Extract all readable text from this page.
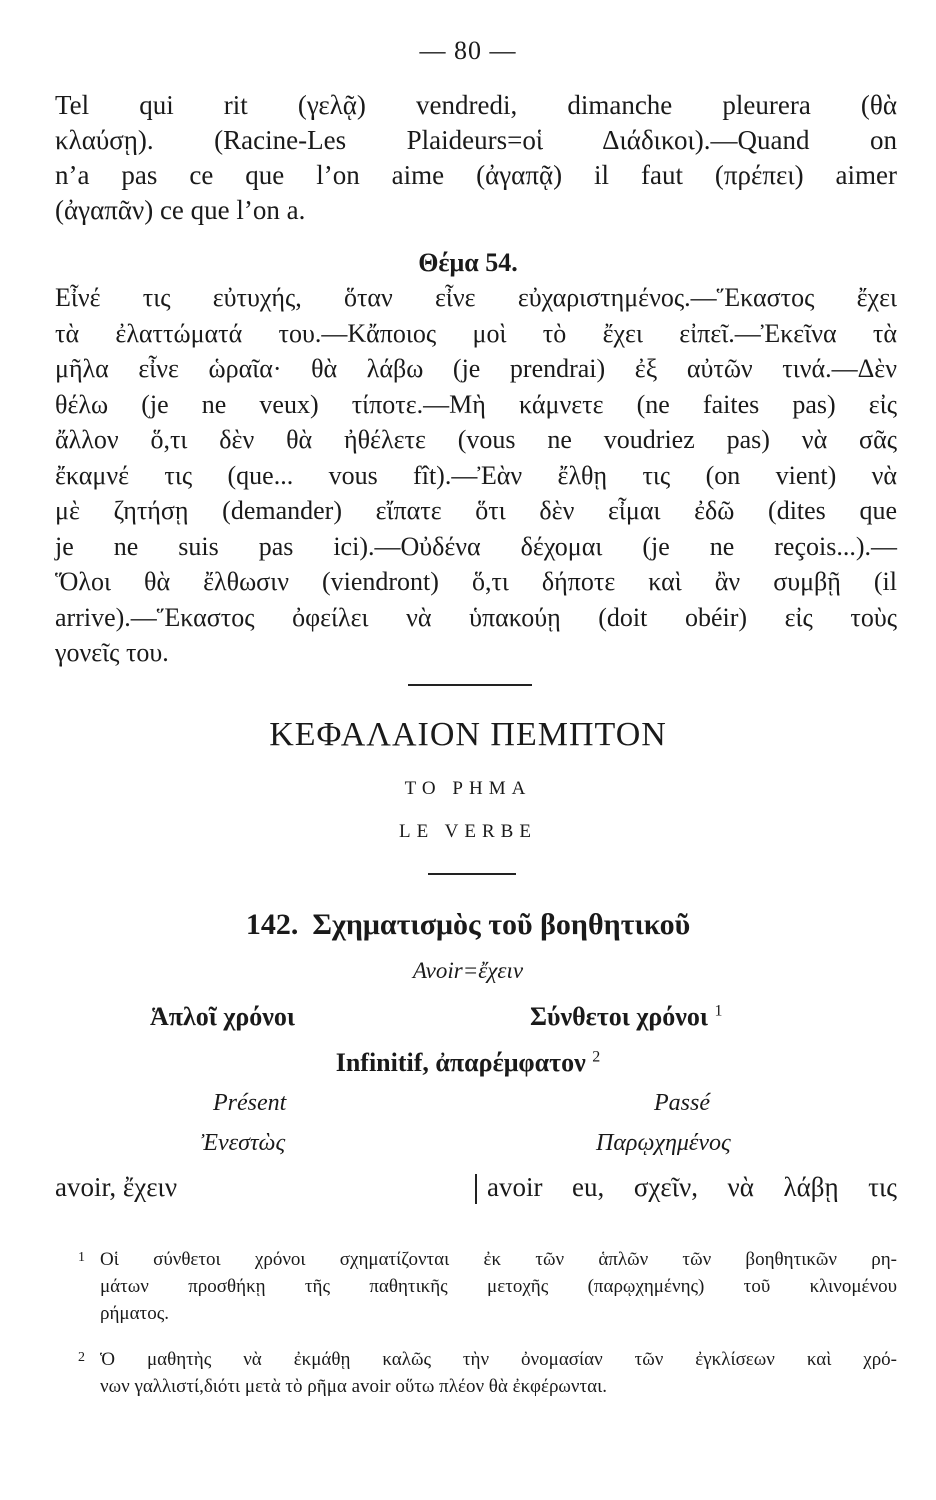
— 80 —
Tel qui rit (γελᾷ) vendredi, dimanche pleurera (θὰ
κλαύσῃ). (Racine-Les Plaideurs=οἱ Διάδικοι).—Quand on
n’a pas ce que l’on aime (ἀγαπᾷ) il faut (πρέπει) aimer
(ἀγαπᾶν) ce que l’on a.
Θέμα 54.
Εἶνέ τις εὐτυχής, ὅταν εἶνε εὐχαριστημένος.—Ἕκαστος ἔχει
τὰ ἐλαττώματά του.—Κἄποιος μοὶ τὸ ἔχει εἰπεῖ.—Ἐκεῖνα τὰ
μῆλα εἶνε ὡραῖα· θὰ λάβω (je prendrai) ἐξ αὐτῶν τινά.—Δὲν
θέλω (je ne veux) τίποτε.—Μὴ κάμνετε (ne faites pas) εἰς
ἄλλον ὅ,τι δὲν θὰ ἠθέλετε (vous ne voudriez pas) νὰ σᾶς
ἔκαμνέ τις (que... vous fît).—Ἐὰν ἔλθῃ τις (on vient) νὰ
μὲ ζητήσῃ (demander) εἴπατε ὅτι δὲν εἶμαι ἐδῶ (dites que
je ne suis pas ici).—Οὐδένα δέχομαι (je ne reçois...).—
Ὅλοι θὰ ἔλθωσιν (viendront) ὅ,τι δήποτε καὶ ἂν συμβῇ (il
arrive).—Ἕκαστος ὀφείλει νὰ ὑπακούῃ (doit obéir) εἰς τοὺς
γονεῖς του.
ΚΕΦΑΛΑΙΟΝ ΠΕΜΠΤΟΝ
ΤΟ ΡΗΜΑ
LE VERBE
142. Σχηματισμὸς τοῦ βοηθητικοῦ
Avoir=ἔχειν
Ἁπλοῖ χρόνοι	Σύνθετοι χρόνοι $^1$
Infinitif, ἀπαρέμφατον $^2$
Présent	Passé
Ἐνεστὼς	Παρῳχημένος
avoir, ἔχειν	avoir eu, σχεῖν, νὰ λάβῃ τις
1 Οἱ σύνθετοι χρόνοι σχηματίζονται ἐκ τῶν ἁπλῶν τῶν βοηθητικῶν ρη-
μάτων προσθήκῃ τῆς παθητικῆς μετοχῆς (παρῳχημένης) τοῦ κλινομένου
ρήματος.
2 Ὁ μαθητὴς νὰ ἐκμάθῃ καλῶς τὴν ὀνομασίαν τῶν ἐγκλίσεων καὶ χρό-
νων γαλλιστί,διότι μετὰ τὸ ρῆμα avoir οὕτω πλέον θὰ ἐκφέρωνται.
